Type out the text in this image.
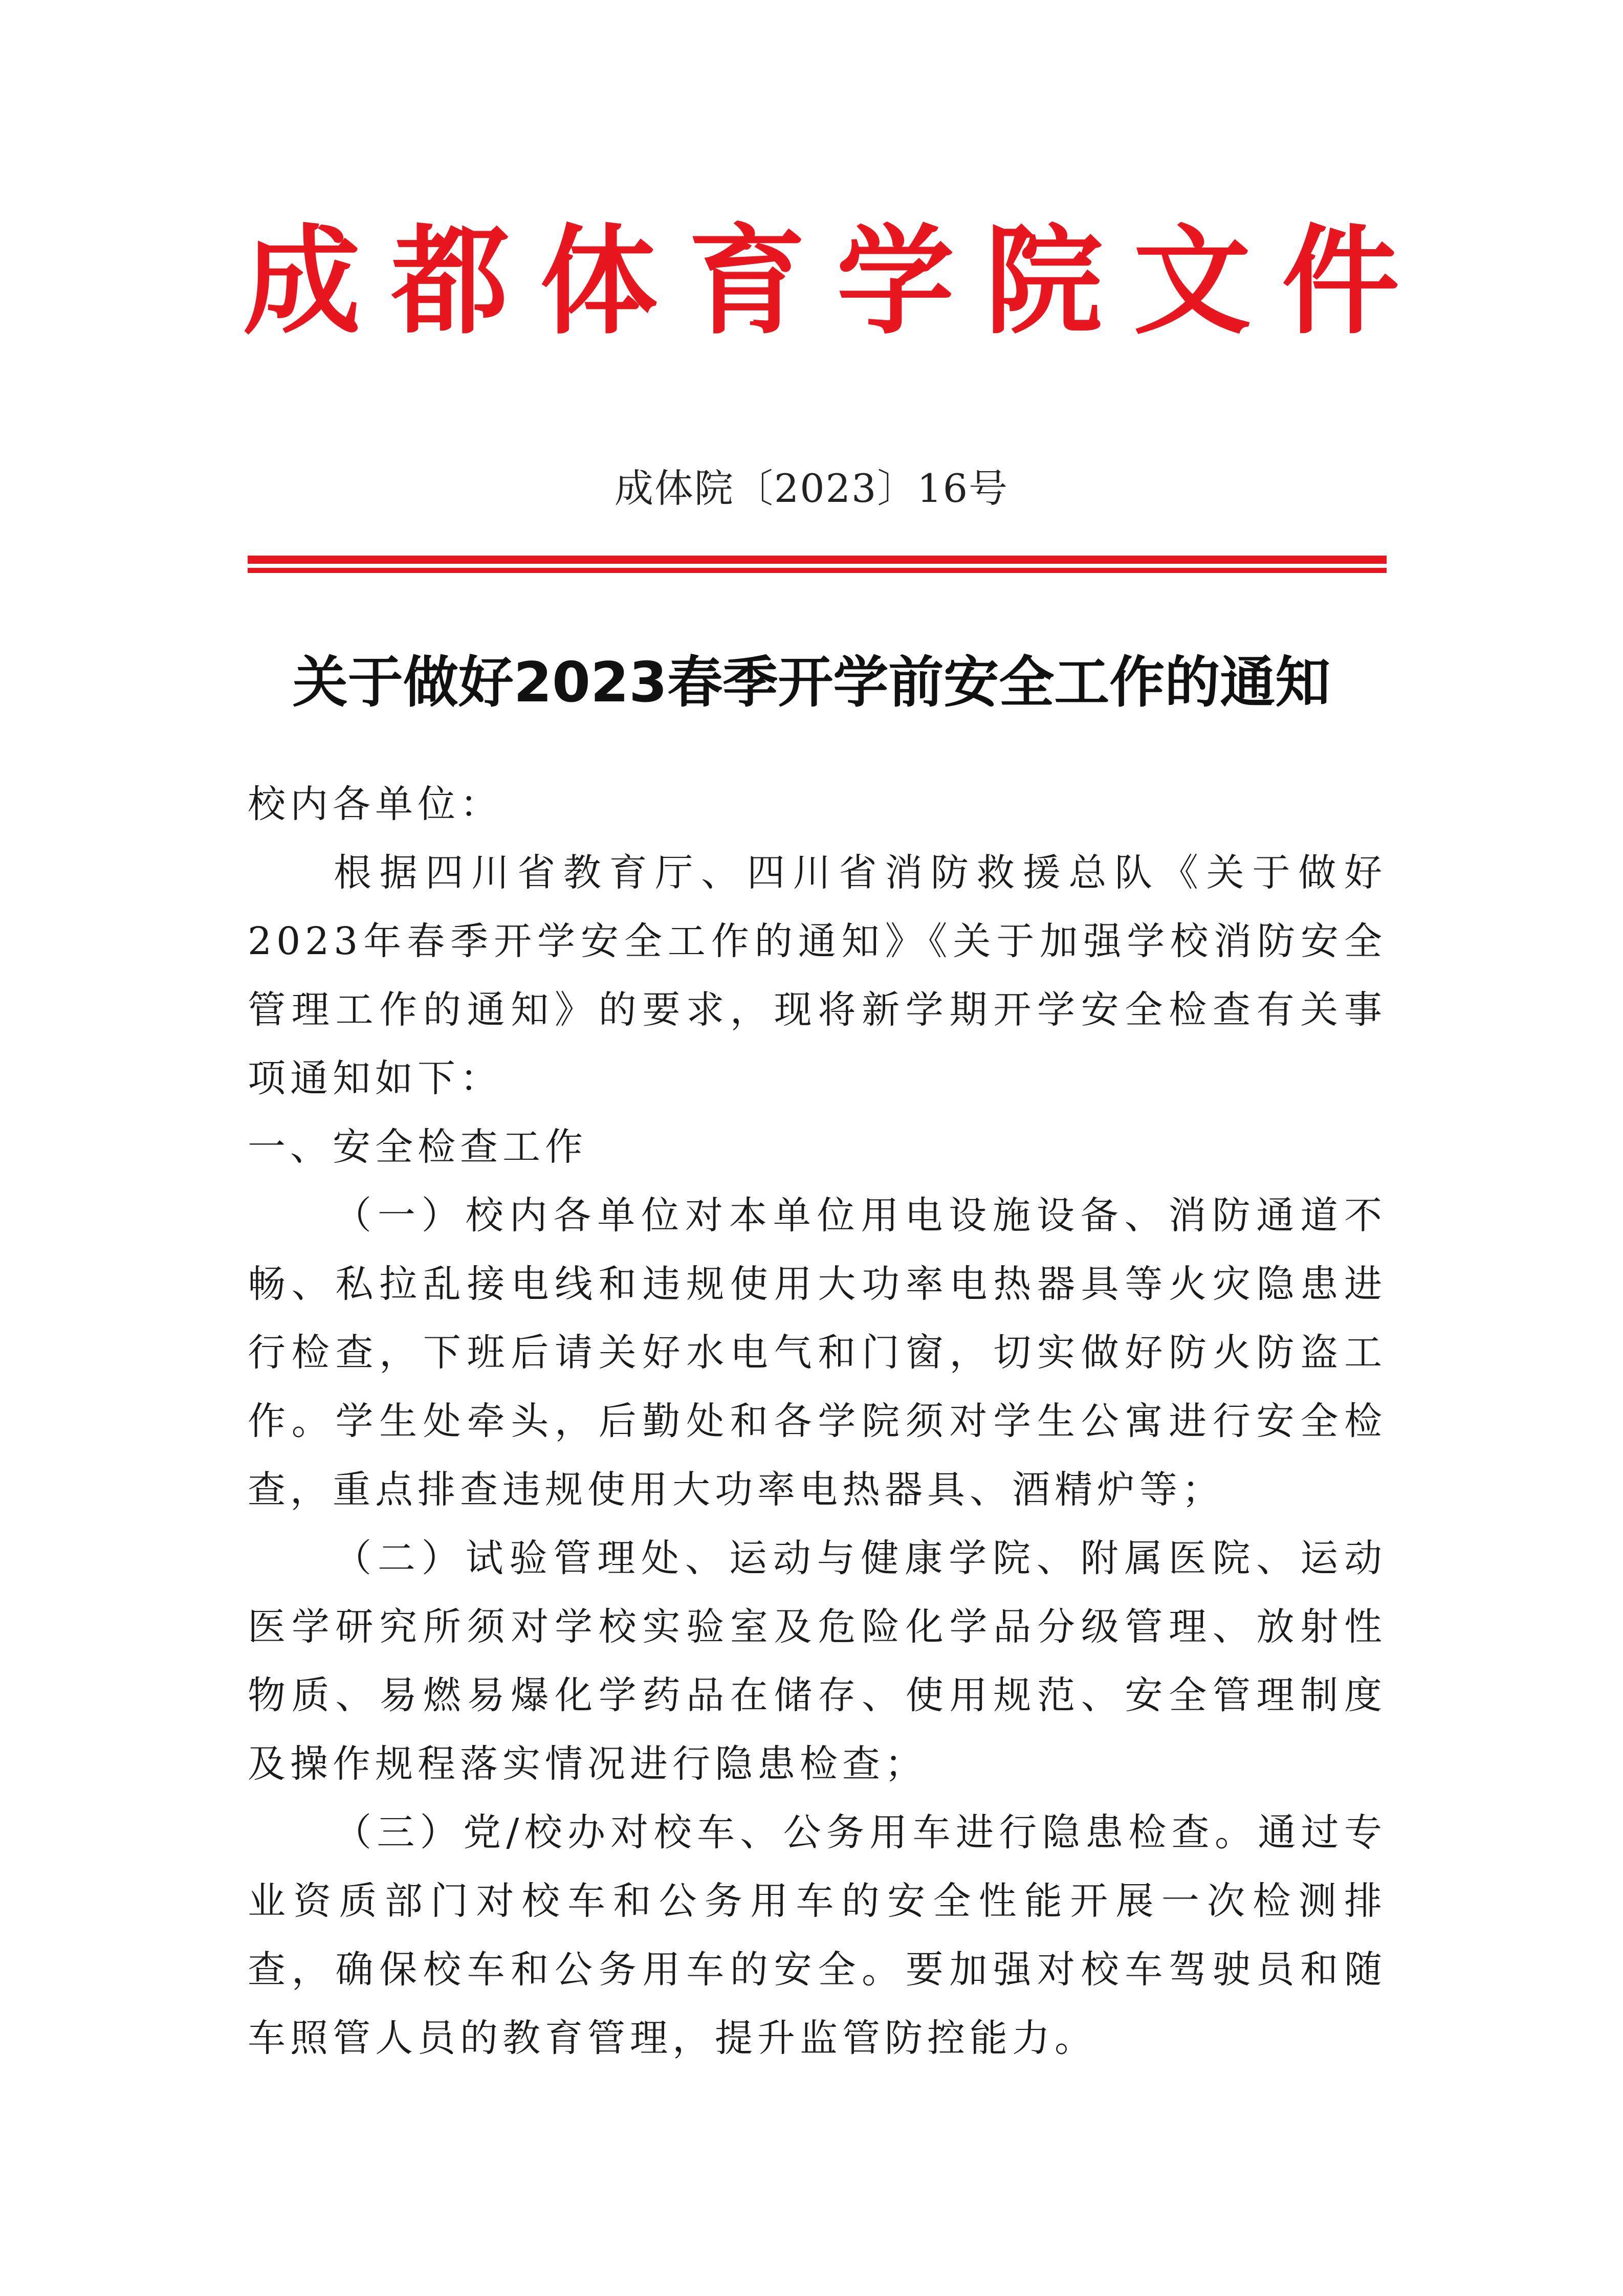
成 都 体 育 学 院 文 件
成体院〔2023〕16号
关于做好2023春季开学前安全工作的通知

校内各单位：

根据四川省教育厅、四川省消防救援总队《关于做好2023年春季开学安全工作的通知》《关于加强学校消防安全管理工作的通知》的要求，现将新学期开学安全检查有关事项通知如下：

一、安全检查工作

（一）校内各单位对本单位用电设施设备、消防通道不畅、私拉乱接电线和违规使用大功率电热器具等火灾隐患进行检查，下班后请关好水电气和门窗，切实做好防火防盗工作。学生处牵头，后勤处和各学院须对学生公寓进行安全检查，重点排查违规使用大功率电热器具、酒精炉等；

（二）试验管理处、运动与健康学院、附属医院、运动医学研究所须对学校实验室及危险化学品分级管理、放射性物质、易燃易爆化学药品在储存、使用规范、安全管理制度及操作规程落实情况进行隐患检查；

（三）党/校办对校车、公务用车进行隐患检查。通过专业资质部门对校车和公务用车的安全性能开展一次检测排查，确保校车和公务用车的安全。要加强对校车驾驶员和随车照管人员的教育管理，提升监管防控能力。
